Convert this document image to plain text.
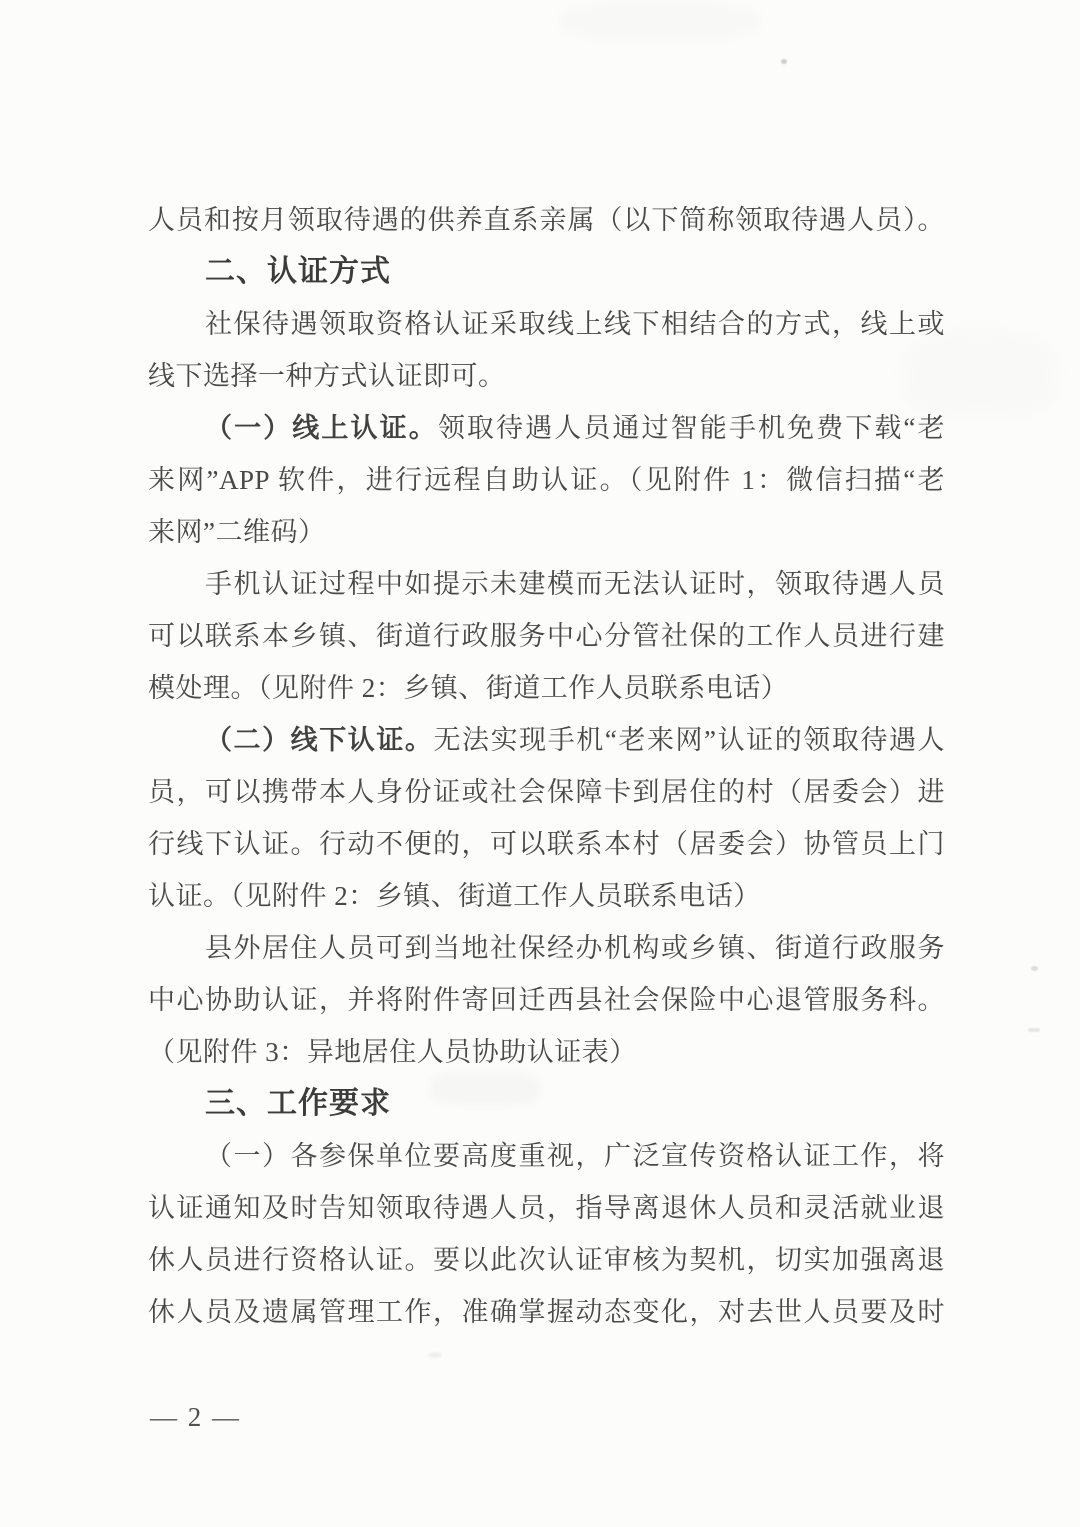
人员和按月领取待遇的供养直系亲属（以下简称领取待遇人员）。
二、认证方式
社保待遇领取资格认证采取线上线下相结合的方式，线上或
线下选择一种方式认证即可。
（一）线上认证。领取待遇人员通过智能手机免费下载“老
来网”APP 软件，进行远程自助认证。（见附件 1：微信扫描“老
来网”二维码）
手机认证过程中如提示未建模而无法认证时，领取待遇人员
可以联系本乡镇、街道行政服务中心分管社保的工作人员进行建
模处理。（见附件 2：乡镇、街道工作人员联系电话）
（二）线下认证。无法实现手机“老来网”认证的领取待遇人
员，可以携带本人身份证或社会保障卡到居住的村（居委会）进
行线下认证。行动不便的，可以联系本村（居委会）协管员上门
认证。（见附件 2：乡镇、街道工作人员联系电话）
县外居住人员可到当地社保经办机构或乡镇、街道行政服务
中心协助认证，并将附件寄回迁西县社会保险中心退管服务科。
（见附件 3：异地居住人员协助认证表）
三、工作要求
（一）各参保单位要高度重视，广泛宣传资格认证工作，将
认证通知及时告知领取待遇人员，指导离退休人员和灵活就业退
休人员进行资格认证。要以此次认证审核为契机，切实加强离退
休人员及遗属管理工作，准确掌握动态变化，对去世人员要及时
— 2 —
